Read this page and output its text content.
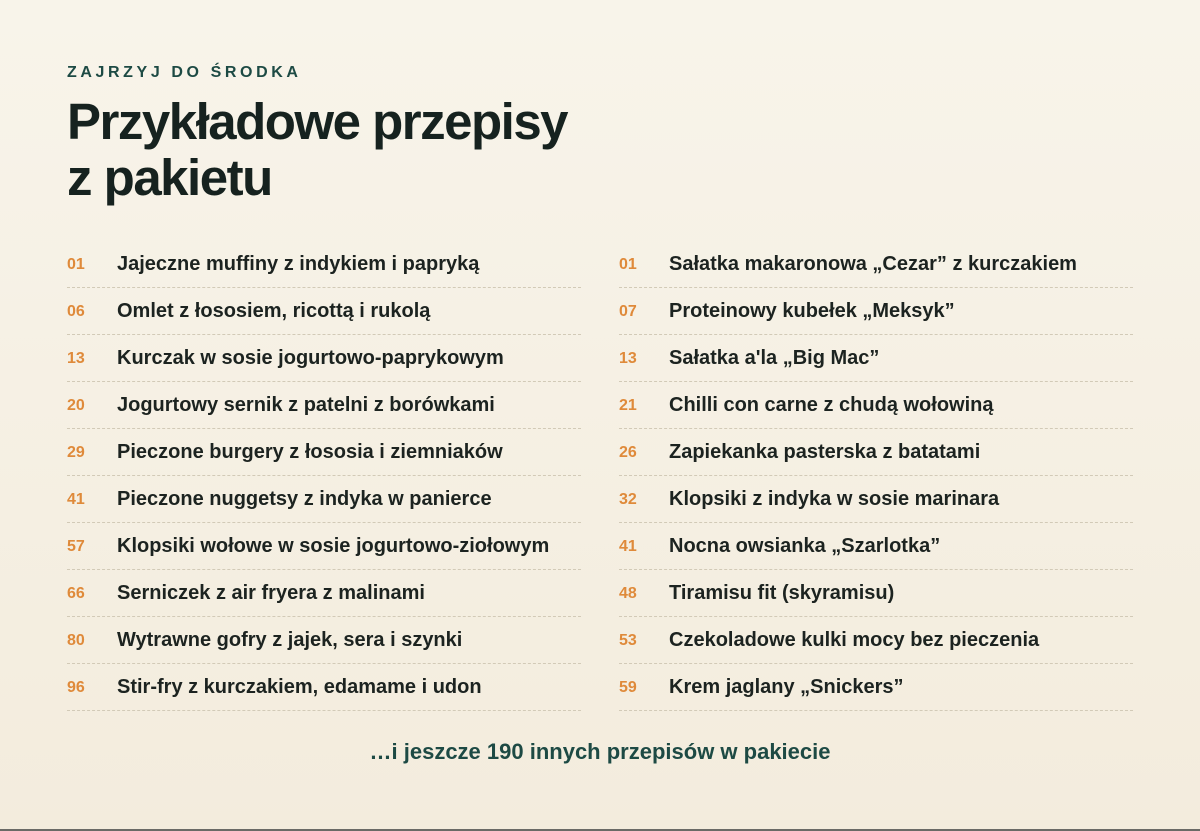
ZAJRZYJ DO ŚRODKA

Przykładowe przepisy
z pakietu
01	Jajeczne muffiny z indykiem i papryką
06	Omlet z łososiem, ricottą i rukolą
13	Kurczak w sosie jogurtowo-paprykowym
20	Jogurtowy sernik z patelni z borówkami
29	Pieczone burgery z łososia i ziemniaków
41	Pieczone nuggetsy z indyka w panierce
57	Klopsiki wołowe w sosie jogurtowo-ziołowym
66	Serniczek z air fryera z malinami
80	Wytrawne gofry z jajek, sera i szynki
96	Stir-fry z kurczakiem, edamame i udon
01	Sałatka makaronowa „Cezar” z kurczakiem
07	Proteinowy kubełek „Meksyk”
13	Sałatka a'la „Big Mac”
21	Chilli con carne z chudą wołowiną
26	Zapiekanka pasterska z batatami
32	Klopsiki z indyka w sosie marinara
41	Nocna owsianka „Szarlotka”
48	Tiramisu fit (skyramisu)
53	Czekoladowe kulki mocy bez pieczenia
59	Krem jaglany „Snickers”

…i jeszcze 190 innych przepisów w pakiecie
